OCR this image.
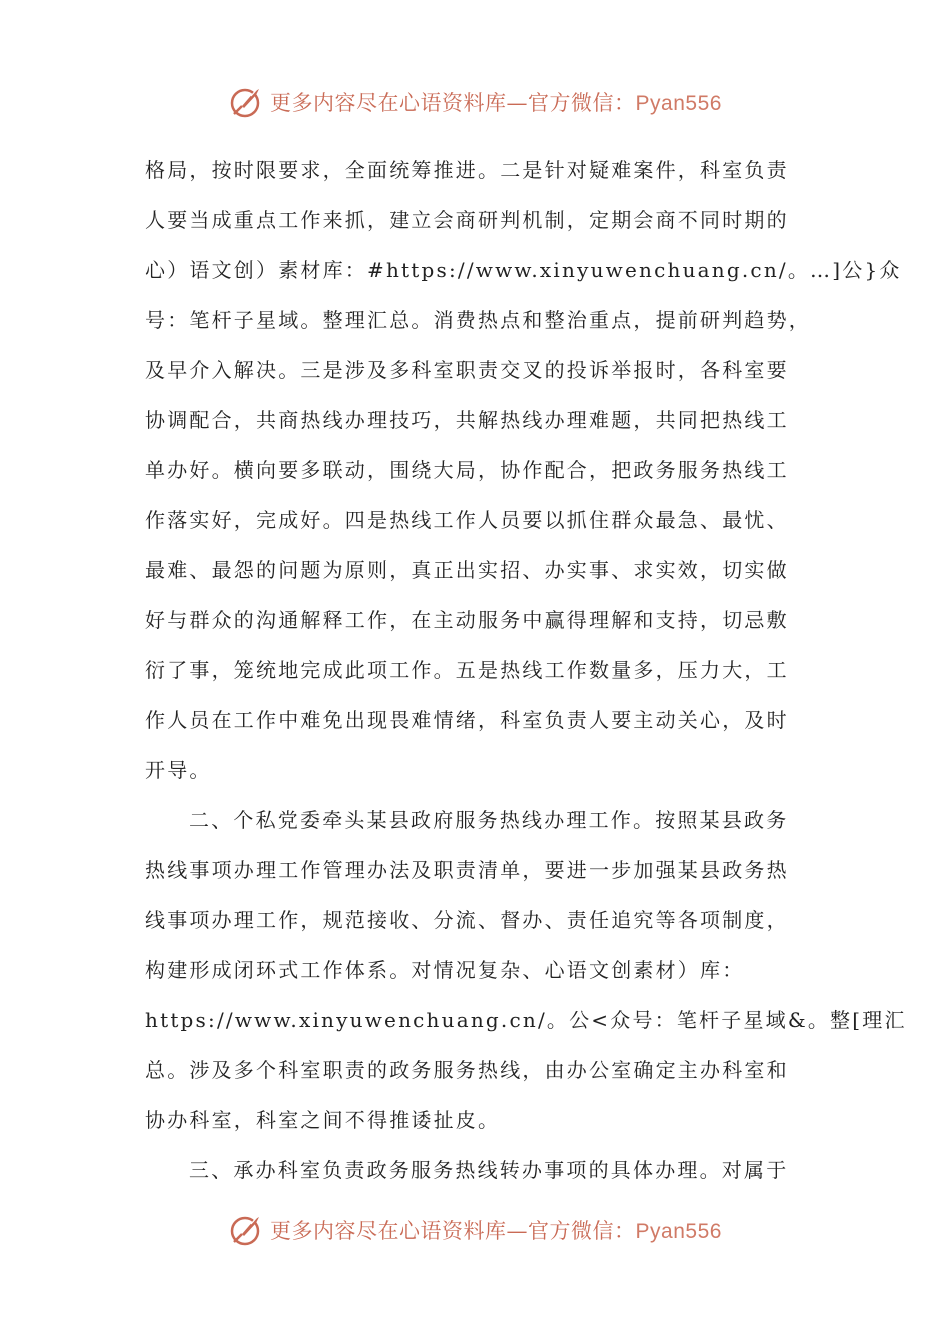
更多内容尽在心语资料库—官方微信：Pyan556
格局，按时限要求，全面统筹推进。二是针对疑难案件，科室负责
人要当成重点工作来抓，建立会商研判机制，定期会商不同时期的
心）语文创）素材库：#https://www.xinyuwenchuang.cn/。…]公}众
号：笔杆子星域。整理汇总。消费热点和整治重点，提前研判趋势，
及早介入解决。三是涉及多科室职责交叉的投诉举报时，各科室要
协调配合，共商热线办理技巧，共解热线办理难题，共同把热线工
单办好。横向要多联动，围绕大局，协作配合，把政务服务热线工
作落实好，完成好。四是热线工作人员要以抓住群众最急、最忧、
最难、最怨的问题为原则，真正出实招、办实事、求实效，切实做
好与群众的沟通解释工作，在主动服务中赢得理解和支持，切忌敷
衍了事，笼统地完成此项工作。五是热线工作数量多，压力大，工
作人员在工作中难免出现畏难情绪，科室负责人要主动关心，及时
开导。
二、个私党委牵头某县政府服务热线办理工作。按照某县政务
热线事项办理工作管理办法及职责清单，要进一步加强某县政务热
线事项办理工作，规范接收、分流、督办、责任追究等各项制度，
构建形成闭环式工作体系。对情况复杂、心语文创素材）库：
https://www.xinyuwenchuang.cn/。公<众号：笔杆子星域&。整[理汇
总。涉及多个科室职责的政务服务热线，由办公室确定主办科室和
协办科室，科室之间不得推诿扯皮。
三、承办科室负责政务服务热线转办事项的具体办理。对属于
更多内容尽在心语资料库—官方微信：Pyan556
